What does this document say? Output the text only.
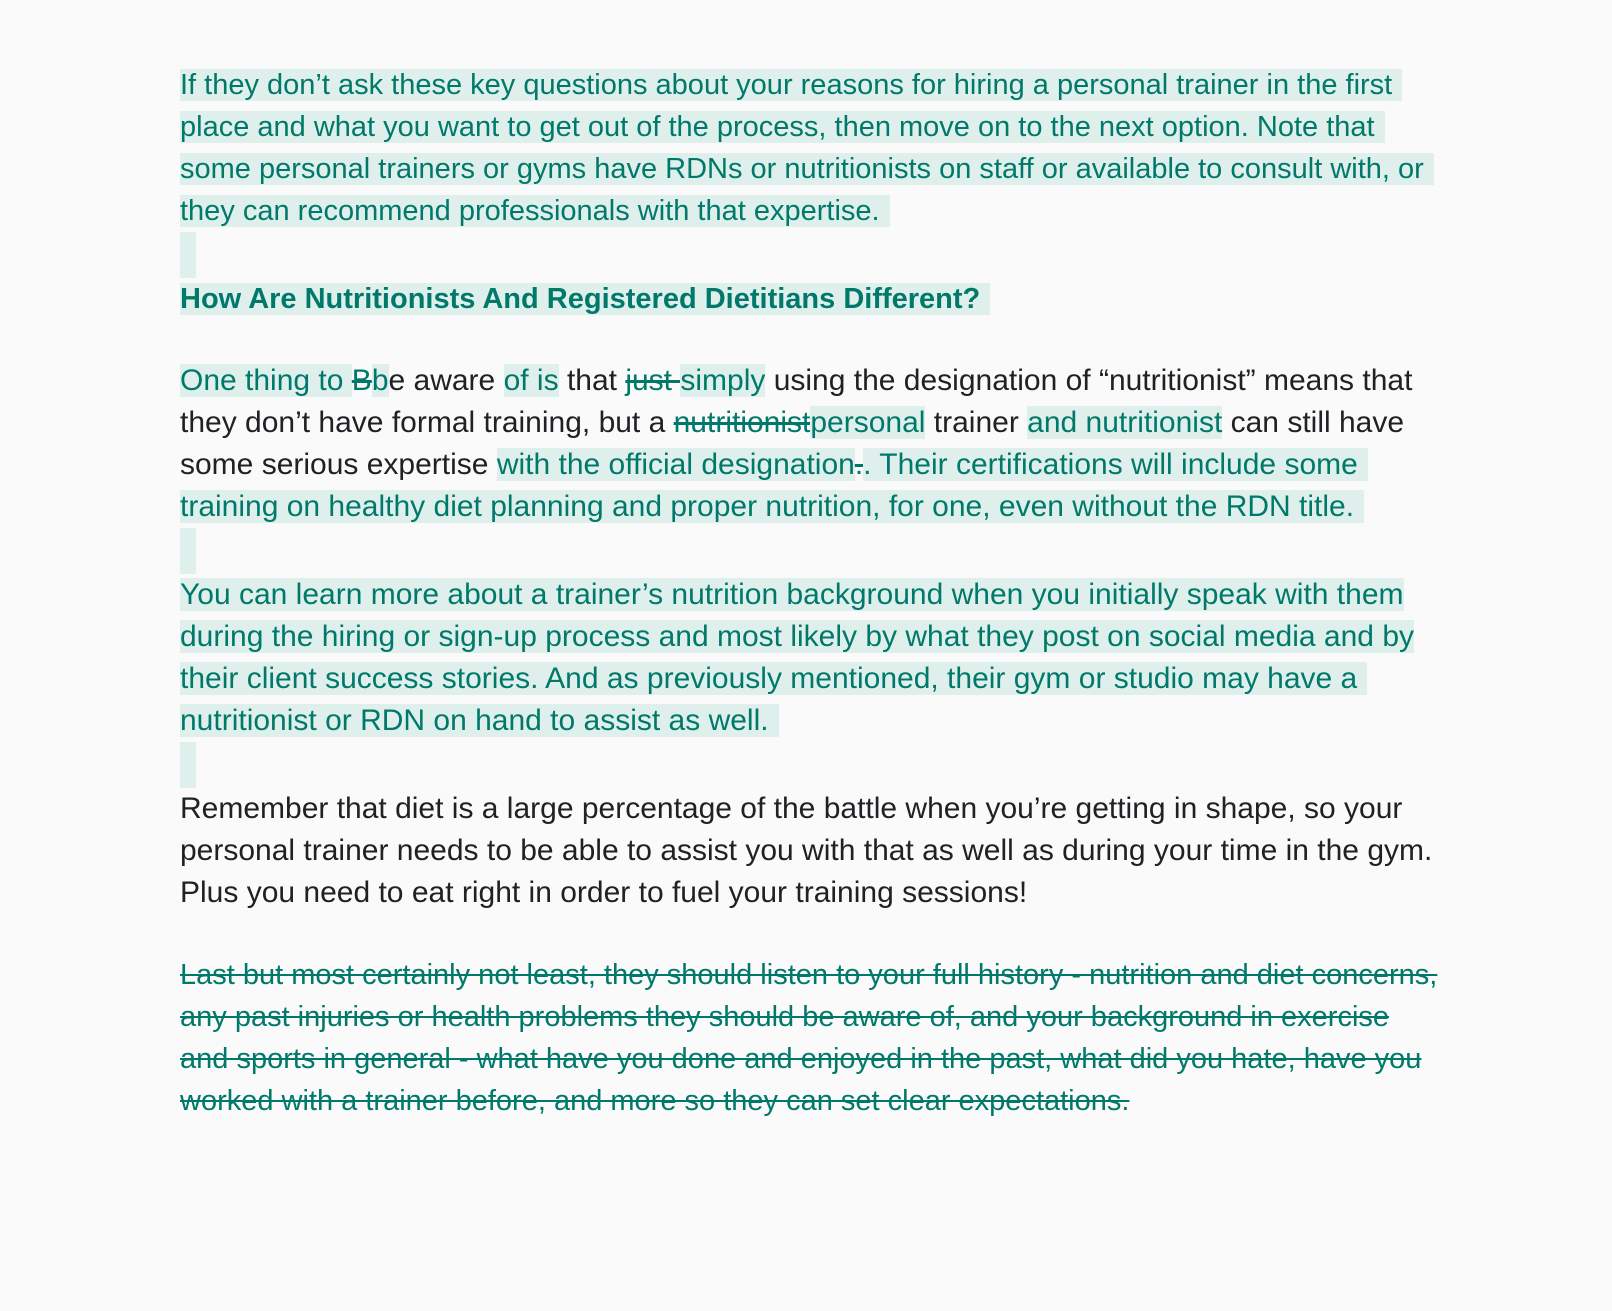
If they don’t ask these key questions about your reasons for hiring a personal trainer in the first place and what you want to get out of the process, then move on to the next option. Note that some personal trainers or gyms have RDNs or nutritionists on staff or available to consult with, or they can recommend professionals with that expertise.

How Are Nutritionists And Registered Dietitians Different?

One thing to Bbe aware of is that just simply using the designation of “nutritionist” means that they don’t have formal training, but a nutritionistpersonal trainer and nutritionist can still have some serious expertise with the official designation.. Their certifications will include some training on healthy diet planning and proper nutrition, for one, even without the RDN title.

You can learn more about a trainer’s nutrition background when you initially speak with them during the hiring or sign-up process and most likely by what they post on social media and by their client success stories. And as previously mentioned, their gym or studio may have a nutritionist or RDN on hand to assist as well.

Remember that diet is a large percentage of the battle when you’re getting in shape, so your personal trainer needs to be able to assist you with that as well as during your time in the gym. Plus you need to eat right in order to fuel your training sessions!

Last but most certainly not least, they should listen to your full history - nutrition and diet concerns, any past injuries or health problems they should be aware of, and your background in exercise and sports in general - what have you done and enjoyed in the past, what did you hate, have you worked with a trainer before, and more so they can set clear expectations.
